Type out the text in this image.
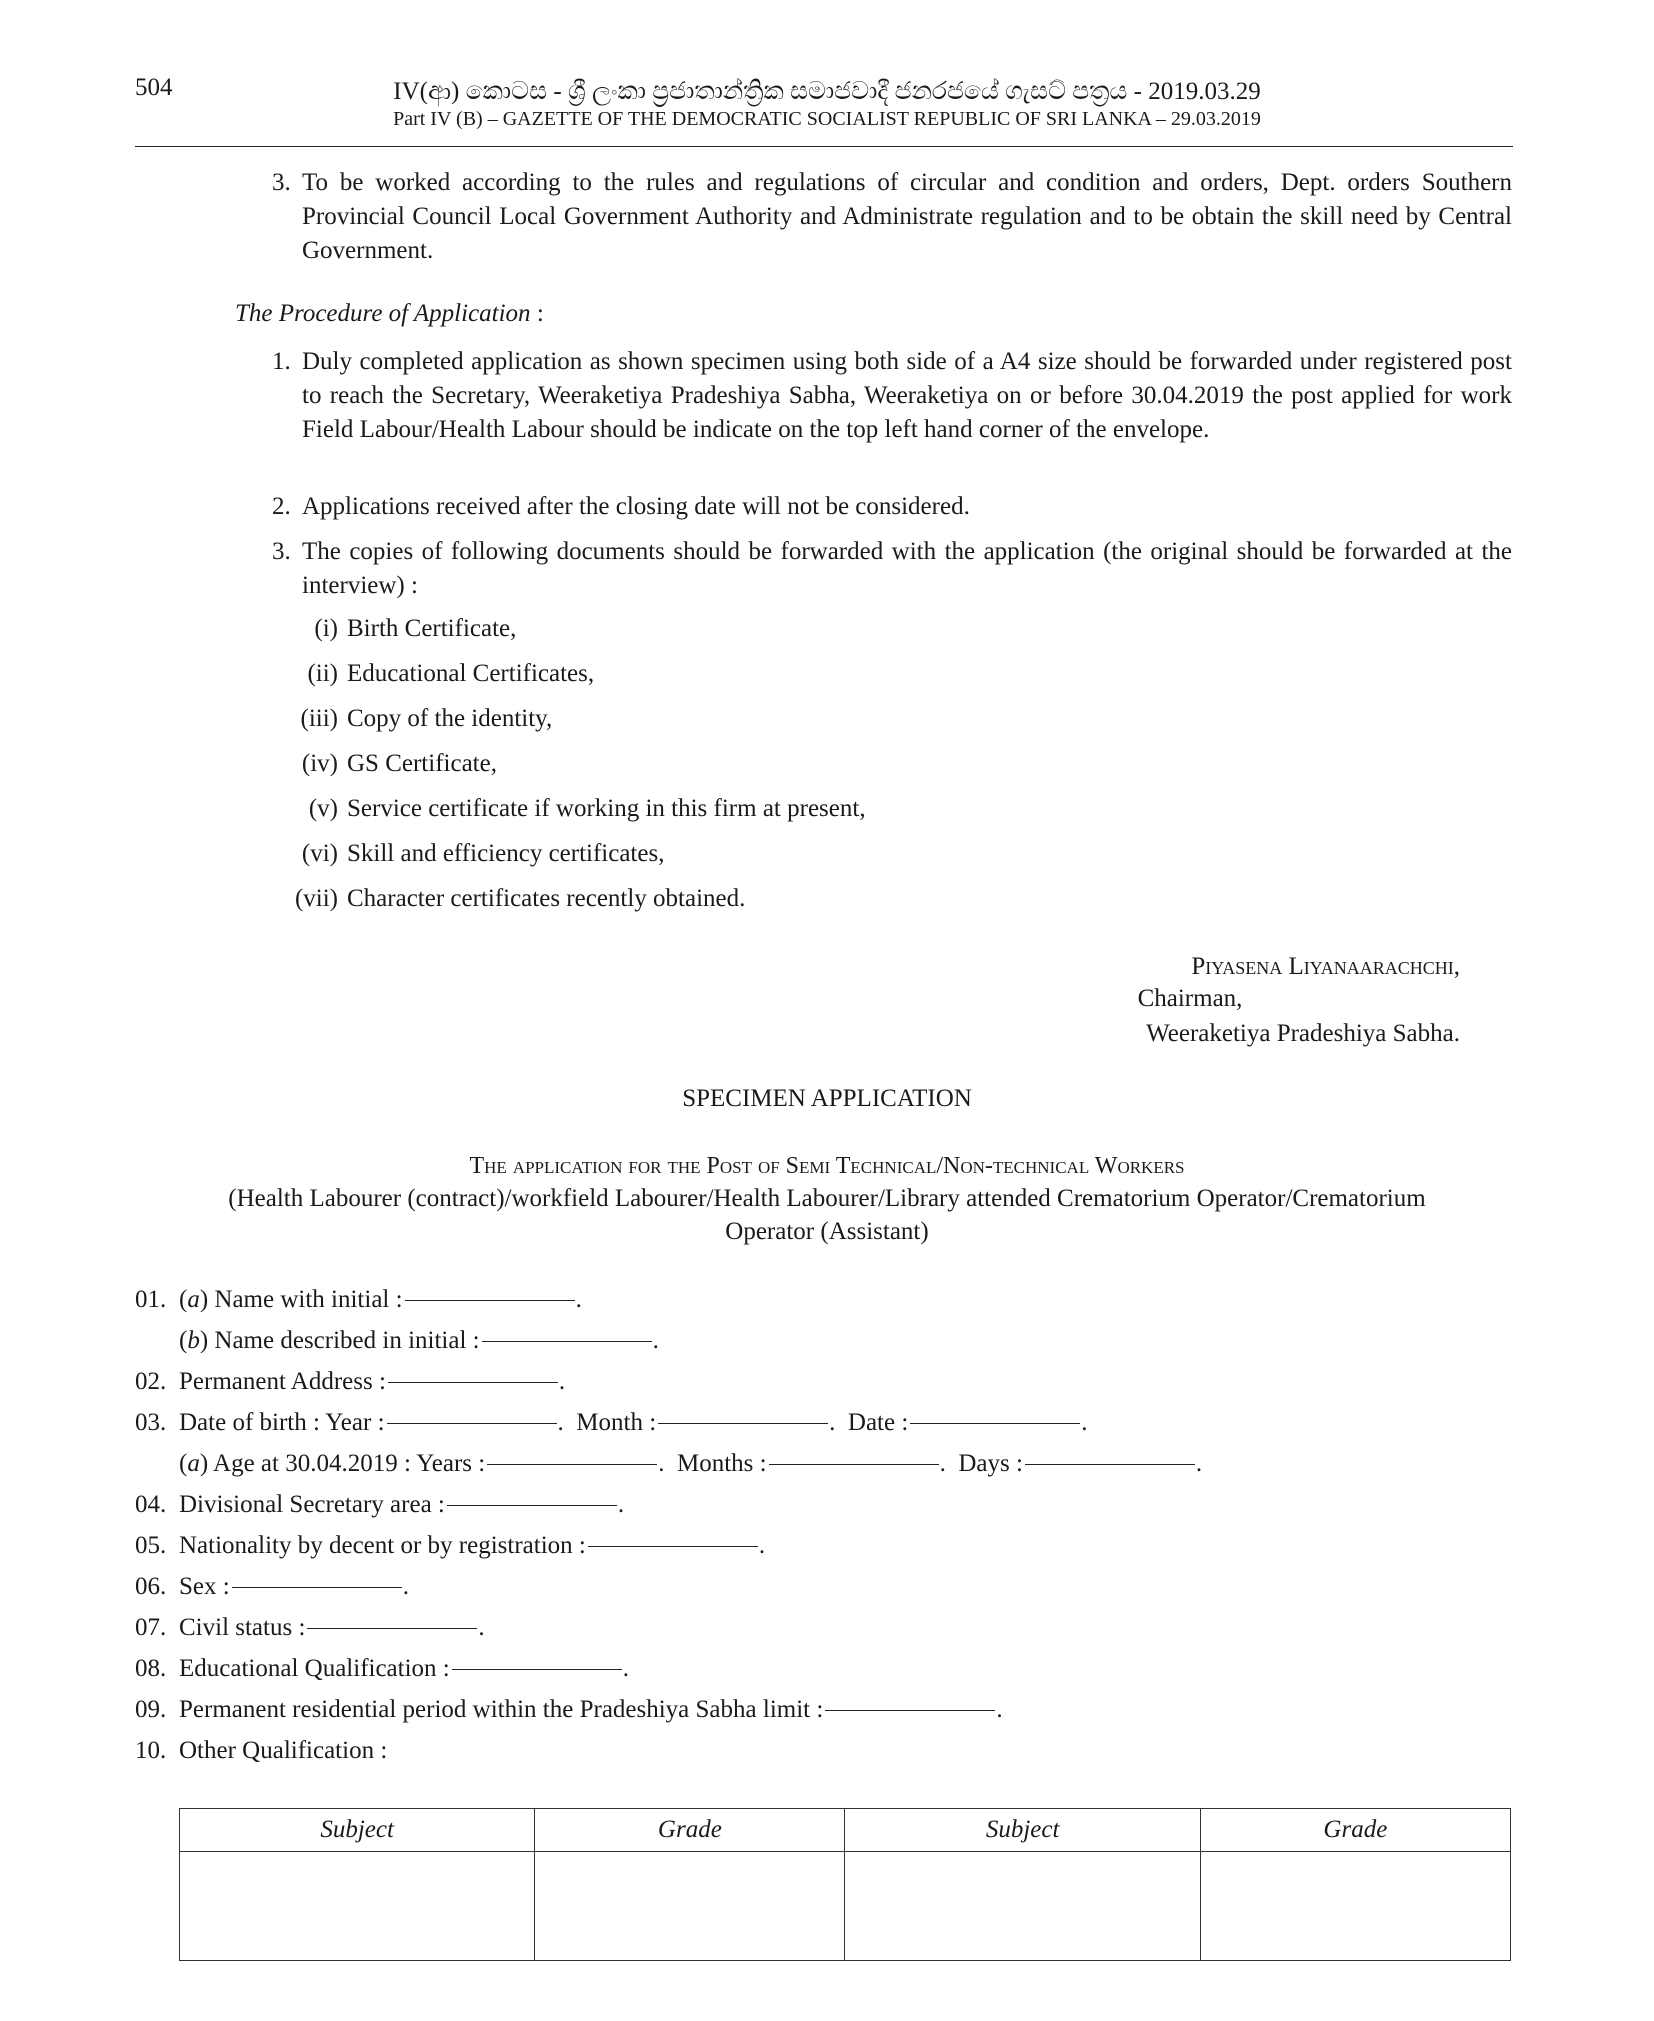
504	IV(ආ) කොටස - ශ්‍රී ලංකා ප්‍රජාතාන්ත්‍රික සමාජවාදී ජනරජයේ ගැසට් පත්‍රය - 2019.03.29
Part IV (B) – GAZETTE OF THE DEMOCRATIC SOCIALIST REPUBLIC OF SRI LANKA – 29.03.2019
3. To be worked according to the rules and regulations of circular and condition and orders, Dept. orders Southern Provincial Council Local Government Authority and Administrate regulation and to be obtain the skill need by Central Government.
The Procedure of Application :
1. Duly completed application as shown specimen using both side of a A4 size should be forwarded under registered post to reach the Secretary, Weeraketiya Pradeshiya Sabha, Weeraketiya on or before 30.04.2019 the post applied for work Field Labour/Health Labour should be indicate on the top left hand corner of the envelope.
2. Applications received after the closing date will not be considered.
3. The copies of following documents should be forwarded with the application (the original should be forwarded at the interview) :
(i) Birth Certificate,
(ii) Educational Certificates,
(iii) Copy of the identity,
(iv) GS Certificate,
(v) Service certificate if working in this firm at present,
(vi) Skill and efficiency certificates,
(vii) Character certificates recently obtained.
Piyasena Liyanaarachchi,
Chairman,
Weeraketiya Pradeshiya Sabha.
SPECIMEN APPLICATION
The application for the Post of Semi Technical/Non-technical Workers
(Health Labourer (contract)/workfield Labourer/Health Labourer/Library attended Crematorium Operator/Crematorium
Operator (Assistant)
01. (a) Name with initial :	.
(b) Name described in initial :	.
02. Permanent Address :	.
03. Date of birth : Year :	. Month :	. Date :	.
(a) Age at 30.04.2019 : Years :	. Months :	. Days :	.
04. Divisional Secretary area :	.
05. Nationality by decent or by registration :	.
06. Sex :	.
07. Civil status :	.
08. Educational Qualification :	.
09. Permanent residential period within the Pradeshiya Sabha limit :	.
10. Other Qualification :
Subject	Grade	Subject	Grade
